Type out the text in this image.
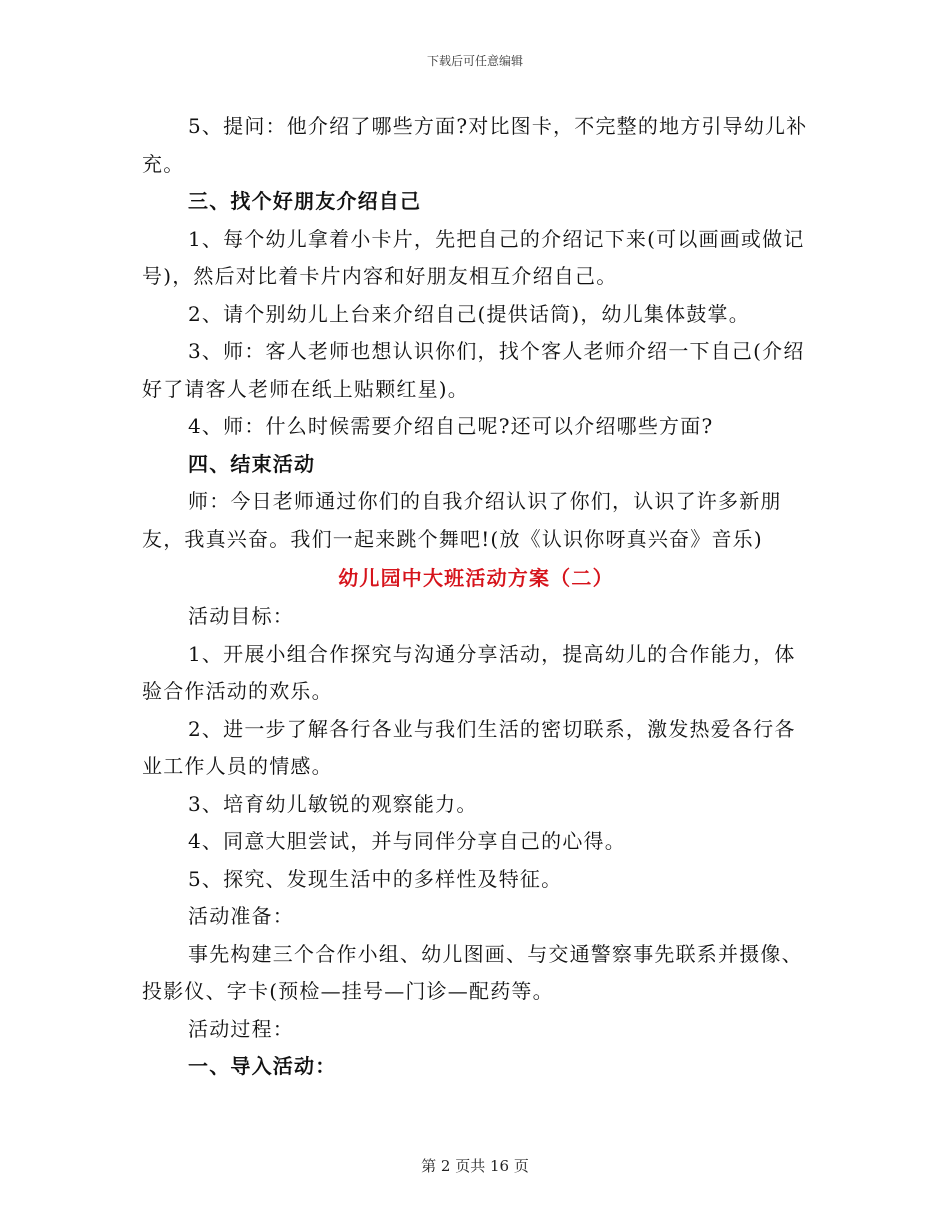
下载后可任意编辑

5、提问：他介绍了哪些方面?对比图卡，不完整的地方引导幼儿补充。

三、找个好朋友介绍自己

1、每个幼儿拿着小卡片，先把自己的介绍记下来(可以画画或做记号)，然后对比着卡片内容和好朋友相互介绍自己。

2、请个别幼儿上台来介绍自己(提供话筒)，幼儿集体鼓掌。

3、师：客人老师也想认识你们，找个客人老师介绍一下自己(介绍好了请客人老师在纸上贴颗红星)。

4、师：什么时候需要介绍自己呢?还可以介绍哪些方面?

四、结束活动

师：今日老师通过你们的自我介绍认识了你们，认识了许多新朋友，我真兴奋。我们一起来跳个舞吧!(放《认识你呀真兴奋》音乐)

幼儿园中大班活动方案（二）

活动目标：

1、开展小组合作探究与沟通分享活动，提高幼儿的合作能力，体验合作活动的欢乐。

2、进一步了解各行各业与我们生活的密切联系，激发热爱各行各业工作人员的情感。

3、培育幼儿敏锐的观察能力。

4、同意大胆尝试，并与同伴分享自己的心得。

5、探究、发现生活中的多样性及特征。

活动准备：

事先构建三个合作小组、幼儿图画、与交通警察事先联系并摄像、投影仪、字卡(预检—挂号—门诊—配药等。

活动过程：

一、导入活动：

第 2 页共 16 页
